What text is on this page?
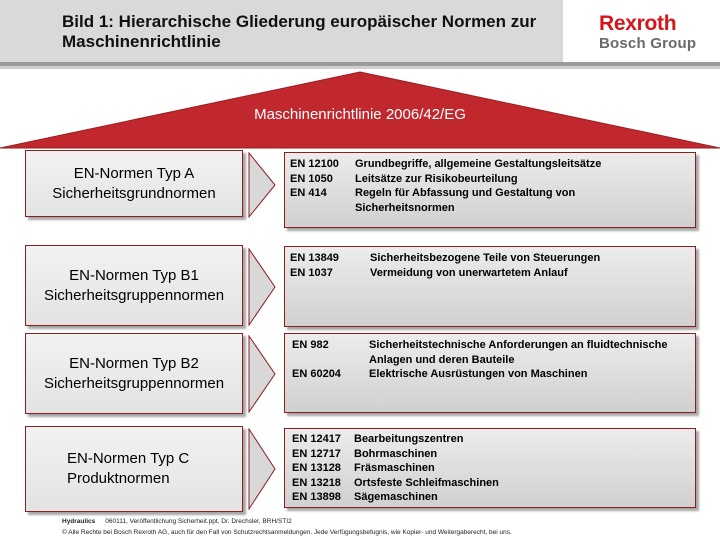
Bild 1: Hierarchische Gliederung europäischer Normen zur Maschinenrichtlinie
Rexroth
Bosch Group
Maschinenrichtlinie 2006/42/EG
EN-Normen Typ A
Sicherheitsgrundnormen
EN 12100	Grundbegriffe, allgemeine Gestaltungsleitsätze
EN 1050	Leitsätze zur Risikobeurteilung
EN 414	Regeln für Abfassung und Gestaltung von Sicherheitsnormen
EN-Normen Typ B1
Sicherheitsgruppennormen
EN 13849	Sicherheitsbezogene Teile von Steuerungen
EN 1037	Vermeidung von unerwartetem Anlauf
EN-Normen Typ B2
Sicherheitsgruppennormen
EN 982	Sicherheitstechnische Anforderungen an fluidtechnische Anlagen und deren Bauteile
EN 60204	Elektrische Ausrüstungen von Maschinen
EN-Normen Typ C
Produktnormen
EN 12417	Bearbeitungszentren
EN 12717	Bohrmaschinen
EN 13128	Fräsmaschinen
EN 13218	Ortsfeste Schleifmaschinen
EN 13898	Sägemaschinen
Hydraulics 060111, Veröffentlichung Sicherheit.ppt, Dr. Drechsler, BRH/STI2
© Alle Rechte bei Bosch Rexroth AG, auch für den Fall von Schutzrechtsanmeldungen. Jede Verfügungsbefugnis, wie Kopier- und Weitergaberecht, bei uns.
